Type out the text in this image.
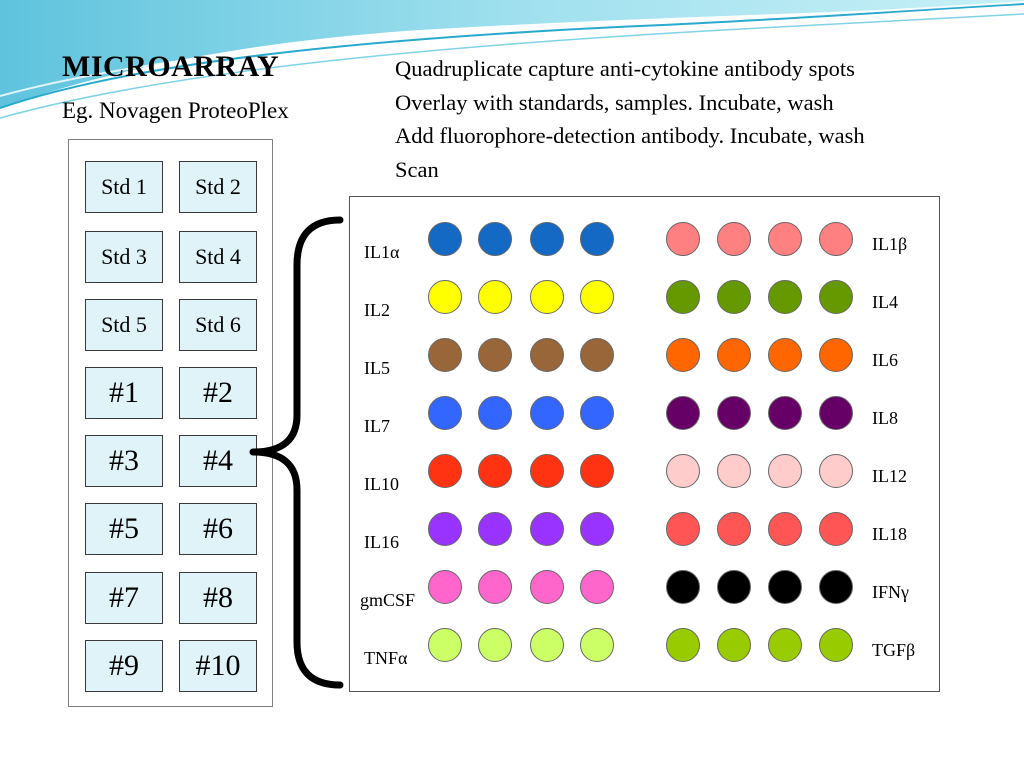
MICROARRAY
Eg. Novagen ProteoPlex
Quadruplicate capture anti-cytokine antibody spots
Overlay with standards, samples. Incubate, wash
Add fluorophore-detection antibody. Incubate, wash
Scan
Std 1	Std 2
Std 3	Std 4
Std 5	Std 6
#1	#2
#3	#4
#5	#6
#7	#8
#9	#10
IL1α
IL2
IL5
IL7
IL10
IL16
gmCSF
TNFα
IL1β
IL4
IL6
IL8
IL12
IL18
IFNγ
TGFβ
